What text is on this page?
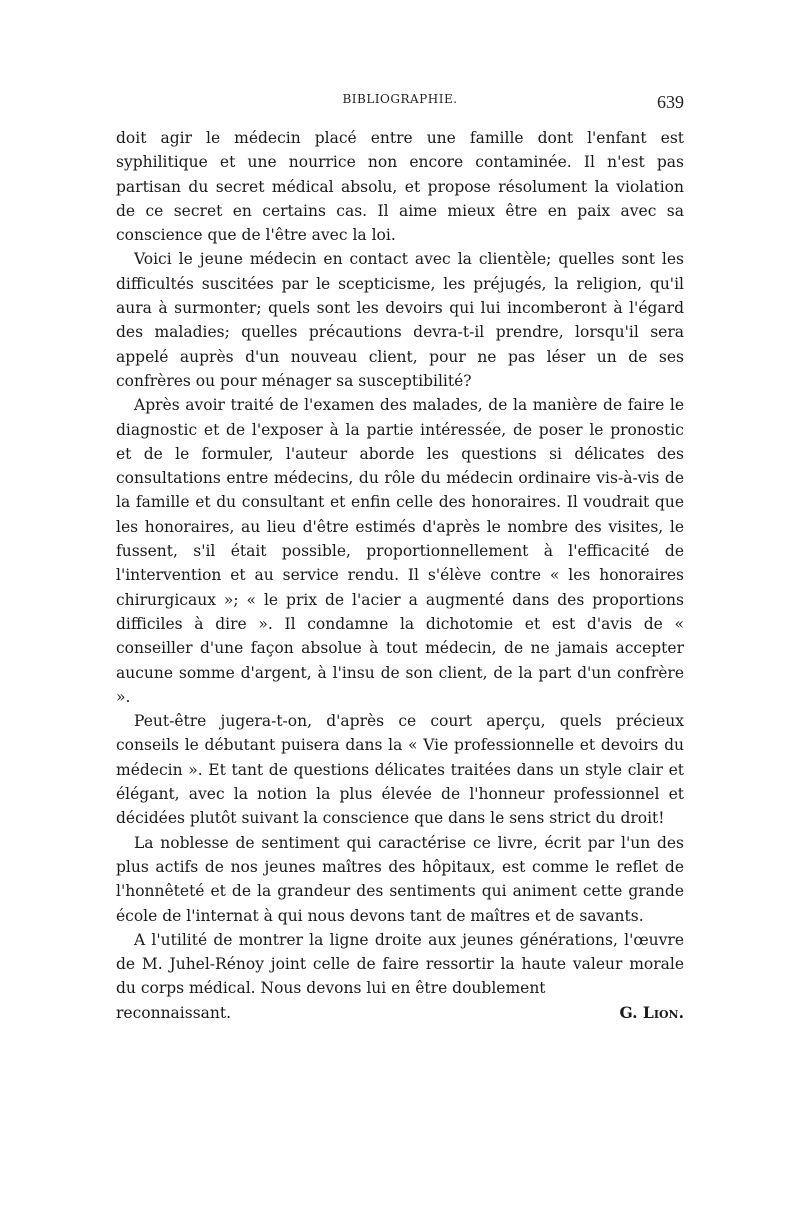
BIBLIOGRAPHIE.	639

doit agir le médecin placé entre une famille dont l'enfant est syphilitique et une nourrice non encore contaminée. Il n'est pas partisan du secret médical absolu, et propose résolument la violation de ce secret en certains cas. Il aime mieux être en paix avec sa conscience que de l'être avec la loi.

Voici le jeune médecin en contact avec la clientèle; quelles sont les difficultés suscitées par le scepticisme, les préjugés, la religion, qu'il aura à surmonter; quels sont les devoirs qui lui incomberont à l'égard des maladies; quelles précautions devra-t-il prendre, lorsqu'il sera appelé auprès d'un nouveau client, pour ne pas léser un de ses confrères ou pour ménager sa susceptibilité?

Après avoir traité de l'examen des malades, de la manière de faire le diagnostic et de l'exposer à la partie intéressée, de poser le pronostic et de le formuler, l'auteur aborde les questions si délicates des consultations entre médecins, du rôle du médecin ordinaire vis-à-vis de la famille et du consultant et enfin celle des honoraires. Il voudrait que les honoraires, au lieu d'être estimés d'après le nombre des visites, le fussent, s'il était possible, proportionnellement à l'efficacité de l'intervention et au service rendu. Il s'élève contre « les honoraires chirurgicaux »; « le prix de l'acier a augmenté dans des proportions difficiles à dire ». Il condamne la dichotomie et est d'avis de « conseiller d'une façon absolue à tout médecin, de ne jamais accepter aucune somme d'argent, à l'insu de son client, de la part d'un confrère ».

Peut-être jugera-t-on, d'après ce court aperçu, quels précieux conseils le débutant puisera dans la « Vie professionnelle et devoirs du médecin ». Et tant de questions délicates traitées dans un style clair et élégant, avec la notion la plus élevée de l'honneur professionnel et décidées plutôt suivant la conscience que dans le sens strict du droit!

La noblesse de sentiment qui caractérise ce livre, écrit par l'un des plus actifs de nos jeunes maîtres des hôpitaux, est comme le reflet de l'honnêteté et de la grandeur des sentiments qui animent cette grande école de l'internat à qui nous devons tant de maîtres et de savants.

A l'utilité de montrer la ligne droite aux jeunes générations, l'œuvre de M. Juhel-Rénoy joint celle de faire ressortir la haute valeur morale du corps médical. Nous devons lui en être doublement

reconnaissant.	G. Lion.
